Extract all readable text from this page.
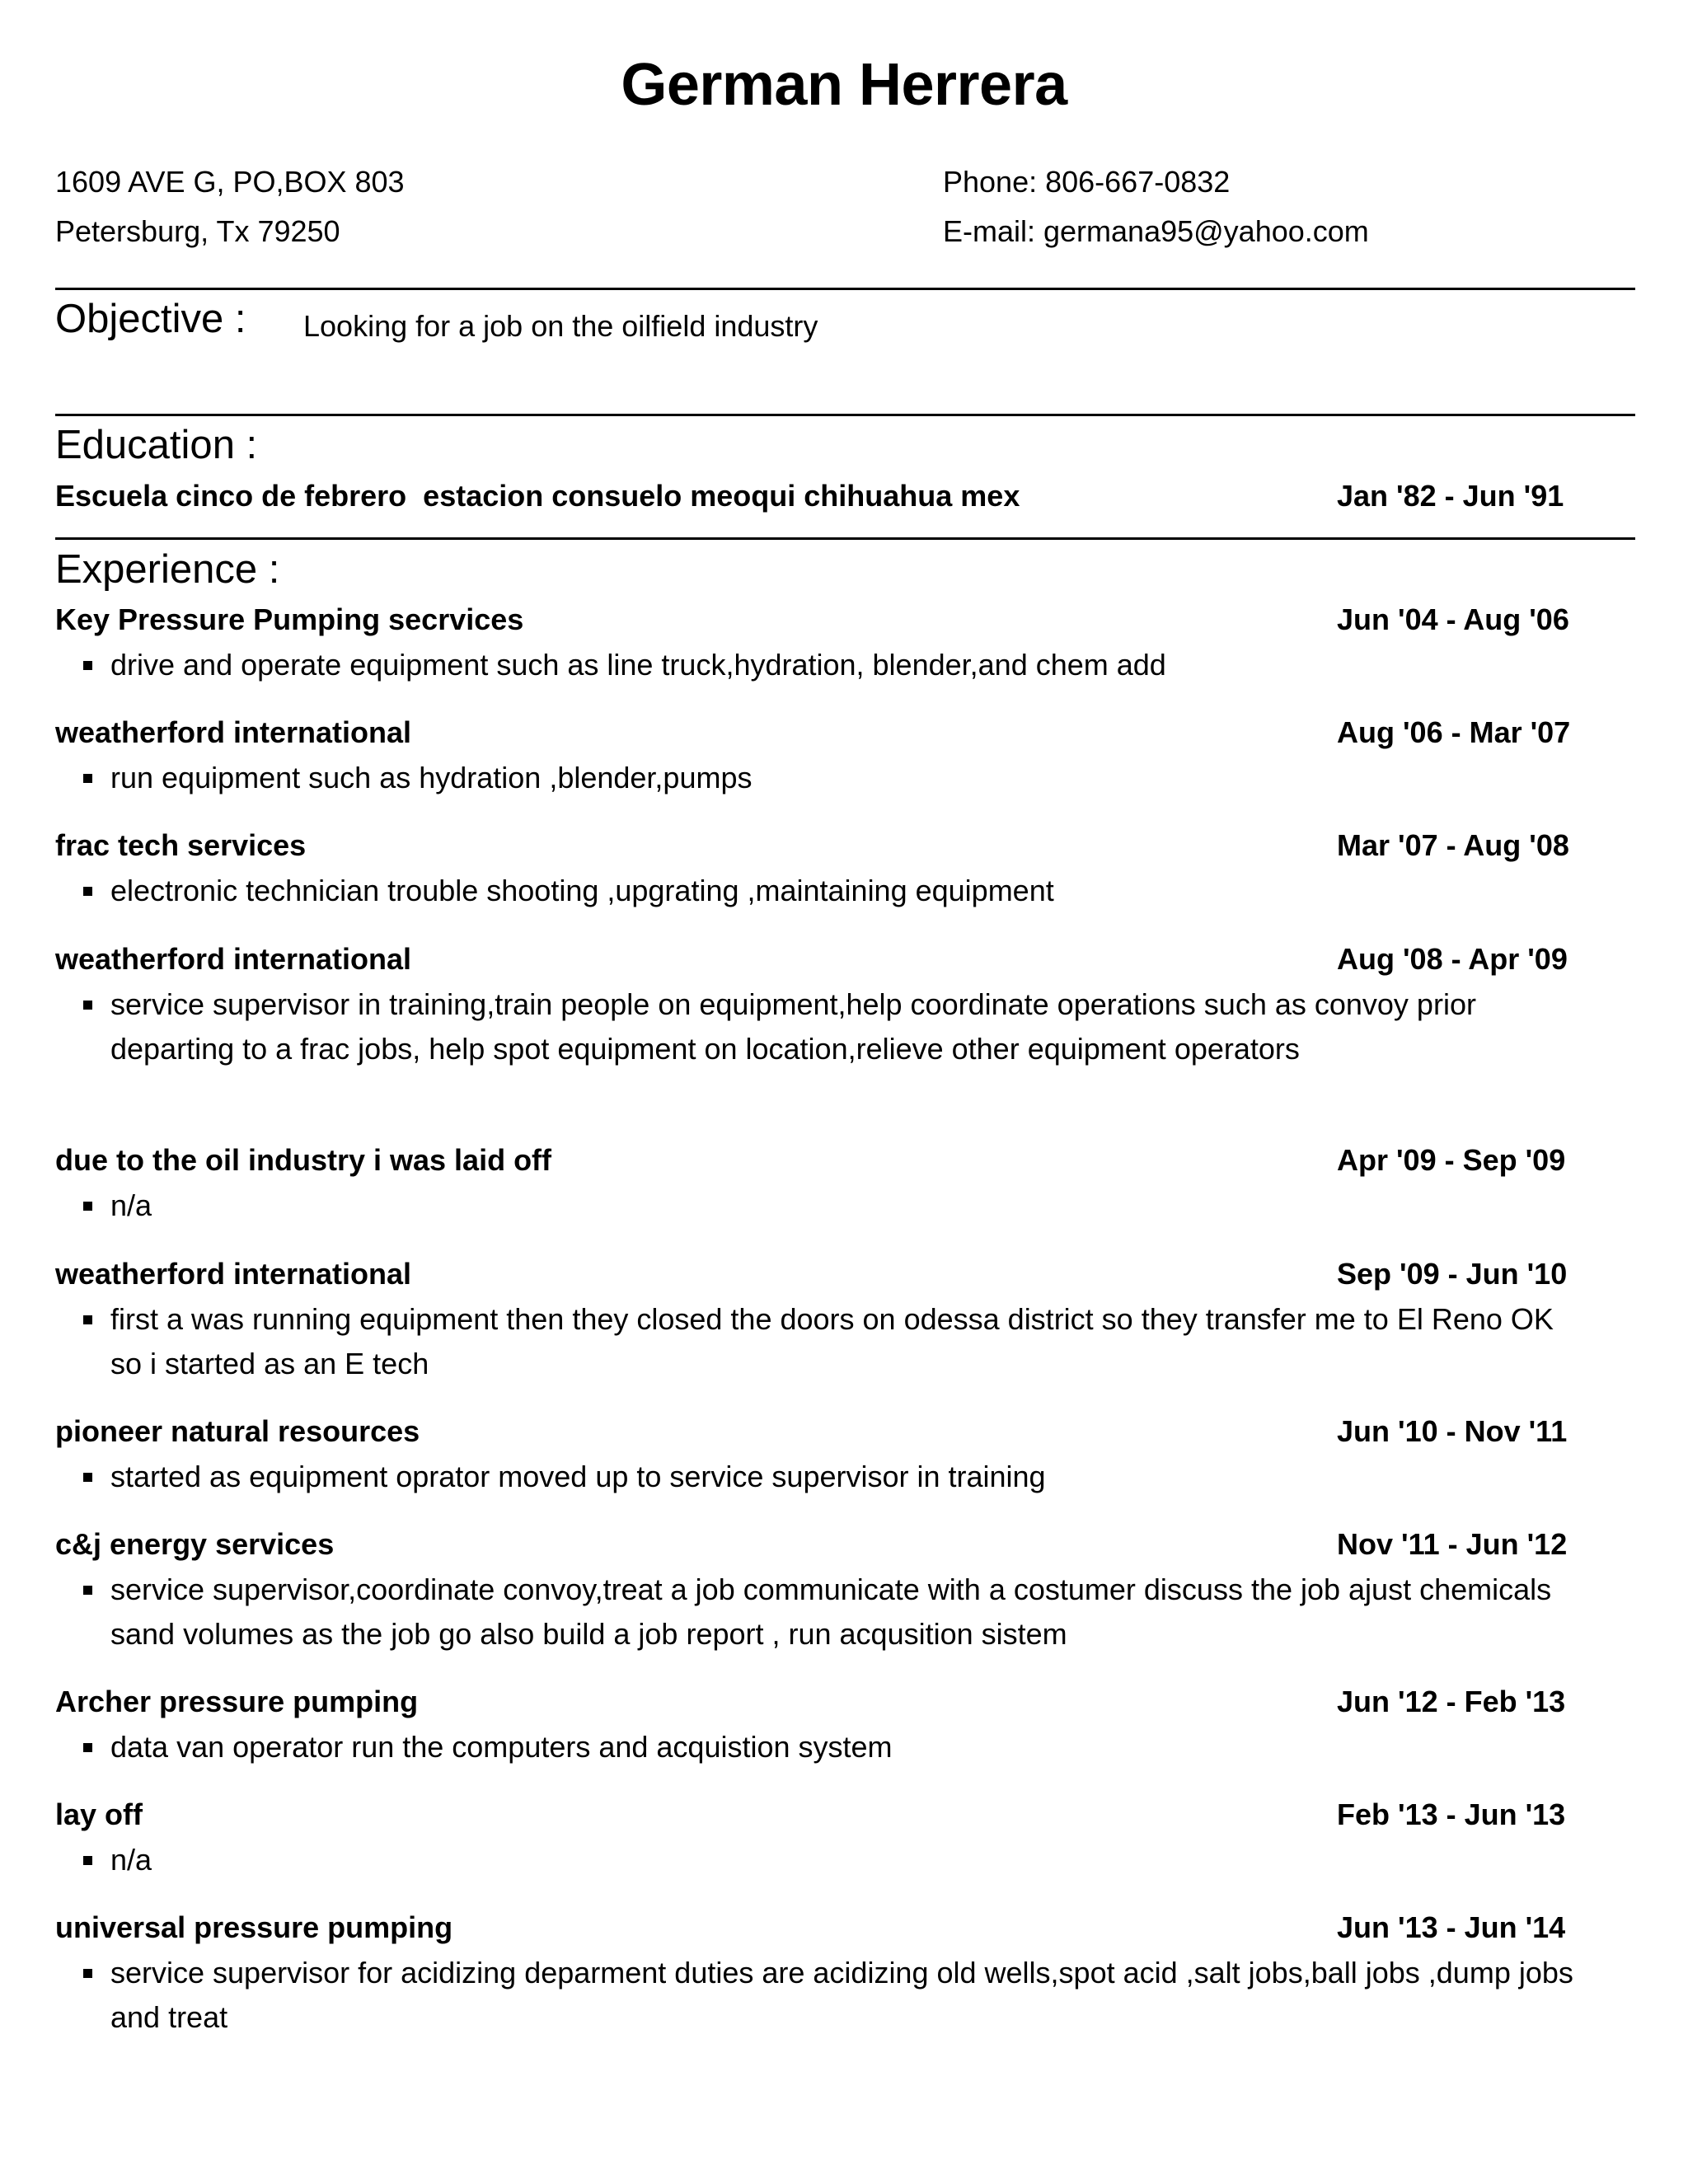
German Herrera
1609 AVE G, PO,BOX 803
Petersburg, Tx 79250
Phone: 806-667-0832
E-mail: germana95@yahoo.com
Objective : Looking for a job on the oilfield industry
Education :
Escuela cinco de febrero  estacion consuelo meoqui chihuahua mex	Jan '82 - Jun '91
Experience :
Key Pressure Pumping secrvices	Jun '04 - Aug '06
drive and operate equipment such as line truck,hydration, blender,and chem add
weatherford international	Aug '06 - Mar '07
run equipment such as hydration ,blender,pumps
frac tech services	Mar '07 - Aug '08
electronic technician trouble shooting ,upgrating ,maintaining equipment
weatherford international	Aug '08 - Apr '09
service supervisor in training,train people on equipment,help coordinate operations such as convoy prior departing to a frac jobs, help spot equipment on location,relieve other equipment operators
due to the oil industry i was laid off	Apr '09 - Sep '09
n/a
weatherford international	Sep '09 - Jun '10
first a was running equipment then they closed the doors on odessa district so they transfer me to El Reno OK so i started as an E tech
pioneer natural resources	Jun '10 - Nov '11
started as equipment oprator moved up to service supervisor in training
c&j energy services	Nov '11 - Jun '12
service supervisor,coordinate convoy,treat a job communicate with a costumer discuss the job ajust chemicals sand volumes as the job go also build a job report , run acqusition sistem
Archer pressure pumping	Jun '12 - Feb '13
data van operator run the computers and acquistion system
lay off	Feb '13 - Jun '13
n/a
universal pressure pumping	Jun '13 - Jun '14
service supervisor for acidizing deparment duties are acidizing old wells,spot acid ,salt jobs,ball jobs ,dump jobs and treat
